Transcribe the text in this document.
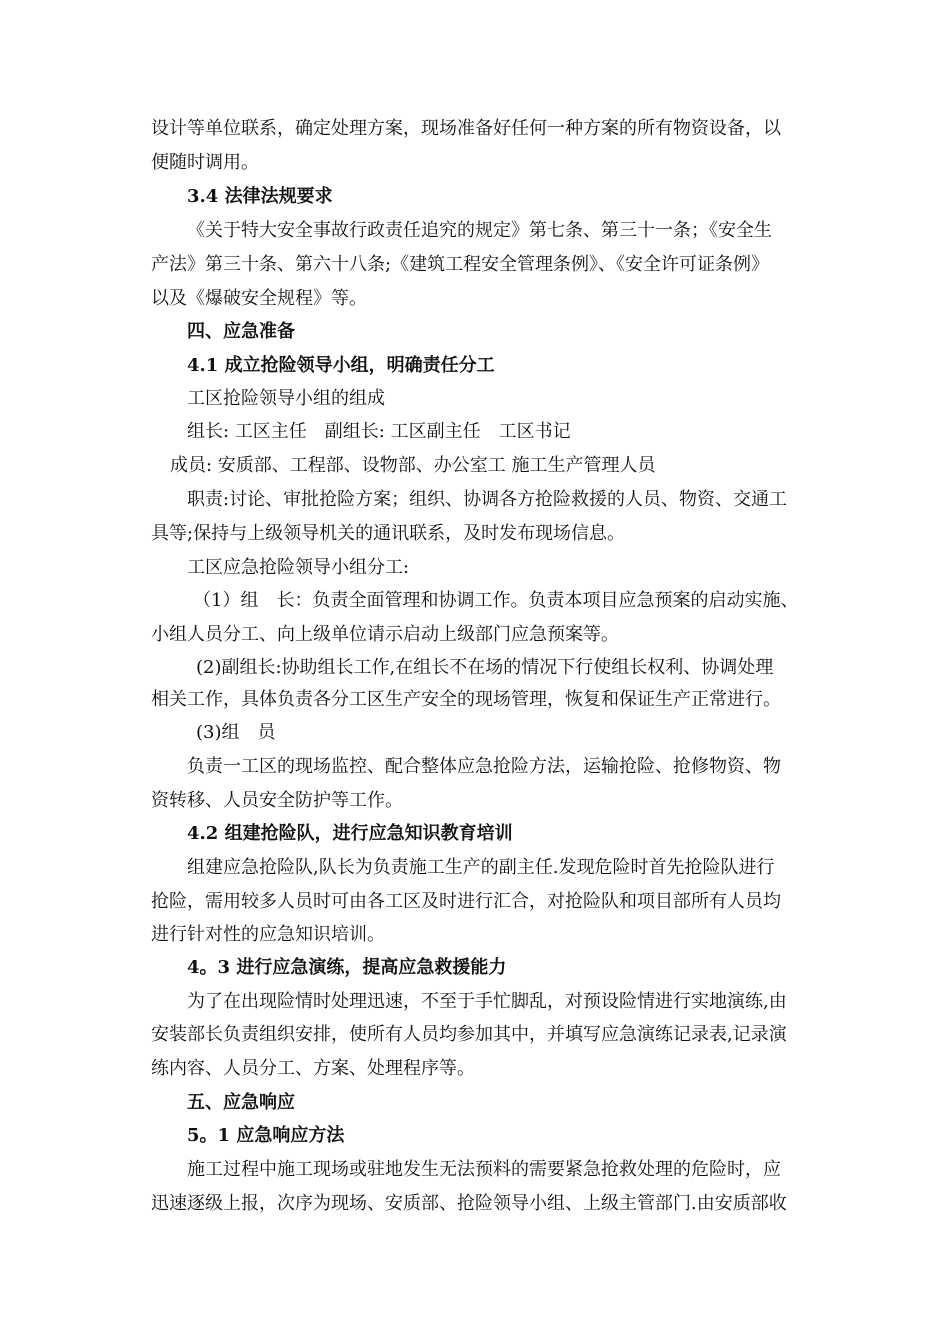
设计等单位联系，确定处理方案，现场准备好任何一种方案的所有物资设备，以
便随时调用。
3.4 法律法规要求
《关于特大安全事故行政责任追究的规定》第七条、第三十一条；《安全生
产法》第三十条、第六十八条;《建筑工程安全管理条例》、《安全许可证条例》
以及《爆破安全规程》等。
四、应急准备
4.1 成立抢险领导小组，明确责任分工
工区抢险领导小组的组成
组长: 工区主任　副组长: 工区副主任　工区书记
成员: 安质部、工程部、设物部、办公室工 施工生产管理人员
职责:讨论、审批抢险方案；组织、协调各方抢险救援的人员、物资、交通工
具等;保持与上级领导机关的通讯联系，及时发布现场信息。
工区应急抢险领导小组分工:
（1）组　长：负责全面管理和协调工作。负责本项目应急预案的启动实施、
小组人员分工、向上级单位请示启动上级部门应急预案等。
(2)副组长:协助组长工作,在组长不在场的情况下行使组长权利、协调处理
相关工作，具体负责各分工区生产安全的现场管理，恢复和保证生产正常进行。
(3)组　员
负责一工区的现场监控、配合整体应急抢险方法，运输抢险、抢修物资、物
资转移、人员安全防护等工作。
4.2 组建抢险队，进行应急知识教育培训
组建应急抢险队,队长为负责施工生产的副主任.发现危险时首先抢险队进行
抢险，需用较多人员时可由各工区及时进行汇合，对抢险队和项目部所有人员均
进行针对性的应急知识培训。
4。3 进行应急演练，提高应急救援能力
为了在出现险情时处理迅速，不至于手忙脚乱，对预设险情进行实地演练,由
安装部长负责组织安排，使所有人员均参加其中，并填写应急演练记录表,记录演
练内容、人员分工、方案、处理程序等。
五、应急响应
5。1 应急响应方法
施工过程中施工现场或驻地发生无法预料的需要紧急抢救处理的危险时，应
迅速逐级上报，次序为现场、安质部、抢险领导小组、上级主管部门.由安质部收
